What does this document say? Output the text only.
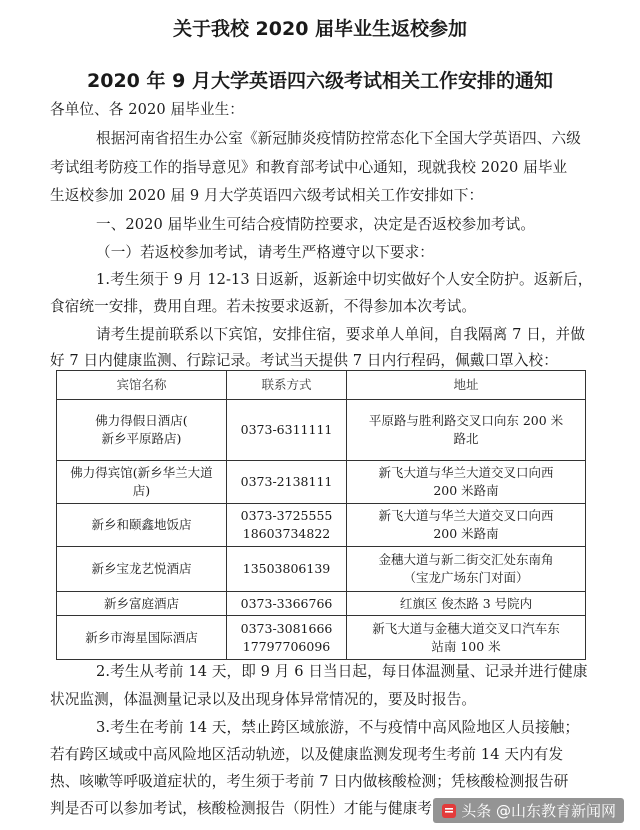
关于我校 2020 届毕业生返校参加
2020 年 9 月大学英语四六级考试相关工作安排的通知
各单位、各 2020 届毕业生：
根据河南省招生办公室《新冠肺炎疫情防控常态化下全国大学英语四、六级
考试组考防疫工作的指导意见》和教育部考试中心通知，现就我校 2020 届毕业
生返校参加 2020 届 9 月大学英语四六级考试相关工作安排如下：
一、2020 届毕业生可结合疫情防控要求，决定是否返校参加考试。
（一）若返校参加考试，请考生严格遵守以下要求：
1.考生须于 9 月 12-13 日返新，返新途中切实做好个人安全防护。返新后，
食宿统一安排，费用自理。若未按要求返新，不得参加本次考试。
请考生提前联系以下宾馆，安排住宿，要求单人单间，自我隔离 7 日，并做
好 7 日内健康监测、行踪记录。考试当天提供 7 日内行程码，佩戴口罩入校：
宾馆名称	联系方式	地址

佛力得假日酒店(
新乡平原路店)	0373-6311111	平原路与胜利路交叉口向东 200 米
路北

佛力得宾馆(新乡华兰大道
店)	0373-2138111	新飞大道与华兰大道交叉口向西
200 米路南

新乡和颐鑫地饭店	0373-3725555
18603734822	新飞大道与华兰大道交叉口向西
200 米路南

新乡宝龙艺悦酒店	13503806139	金穗大道与新二街交汇处东南角
（宝龙广场东门对面）

新乡富庭酒店	0373-3366766	红旗区 俊杰路 3 号院内

新乡市海星国际酒店	0373-3081666
17797706096	新飞大道与金穗大道交叉口汽车东
站南 100 米
2.考生从考前 14 天，即 9 月 6 日当日起，每日体温测量、记录并进行健康
状况监测，体温测量记录以及出现身体异常情况的，要及时报告。
3.考生在考前 14 天，禁止跨区域旅游，不与疫情中高风险地区人员接触；
若有跨区域或中高风险地区活动轨迹，以及健康监测发现考生考前 14 天内有发
热、咳嗽等呼吸道症状的，考生须于考前 7 日内做核酸检测；凭核酸检测报告研
判是否可以参加考试，核酸检测报告（阴性）才能与健康考 头条 @山东教育新闻网
